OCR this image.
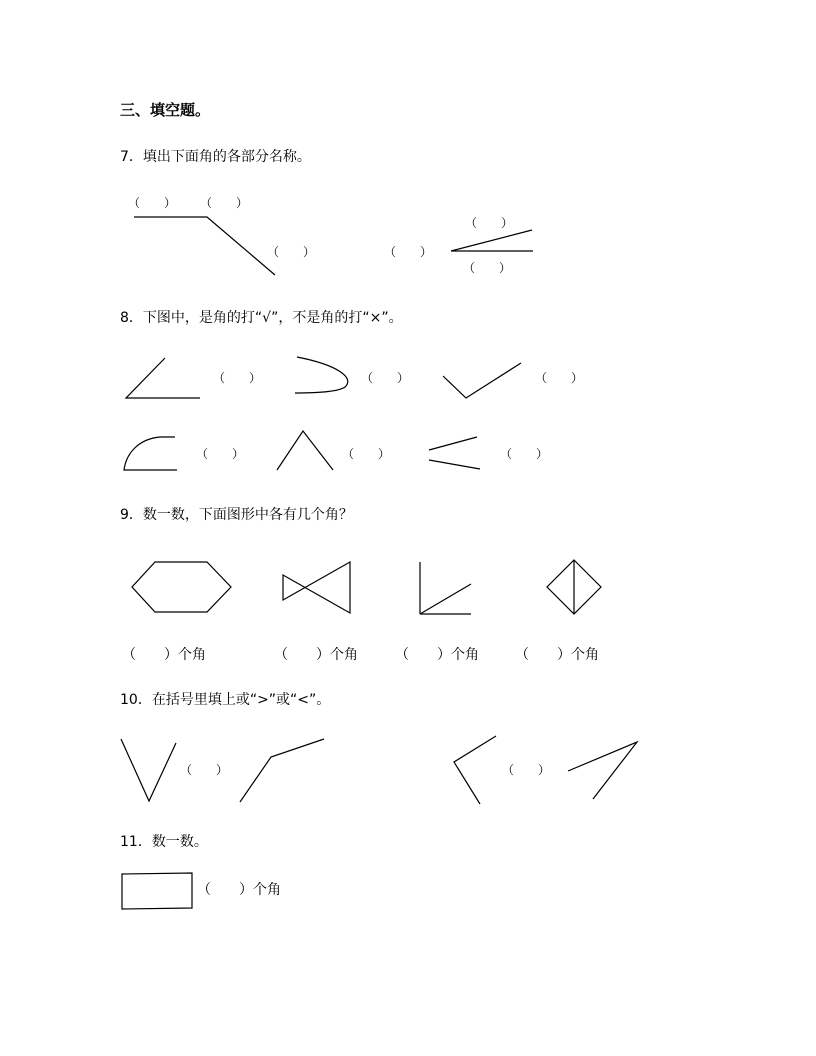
三、填空题。
7．填出下面角的各部分名称。
（　　） （　　）
（　　）
（　　）
（　　）
（　　）
8．下图中，是角的打“√”，不是角的打“×”。
（　　）	（　　）	（　　）
（　　）	（　　）	（　　）
9．数一数，下面图形中各有几个角？
（　　）个角	（　　）个角	（　　）个角	（　　）个角
10．在括号里填上或“>”或“<”。
（　　）	（　　）
11．数一数。
（　　）个角
